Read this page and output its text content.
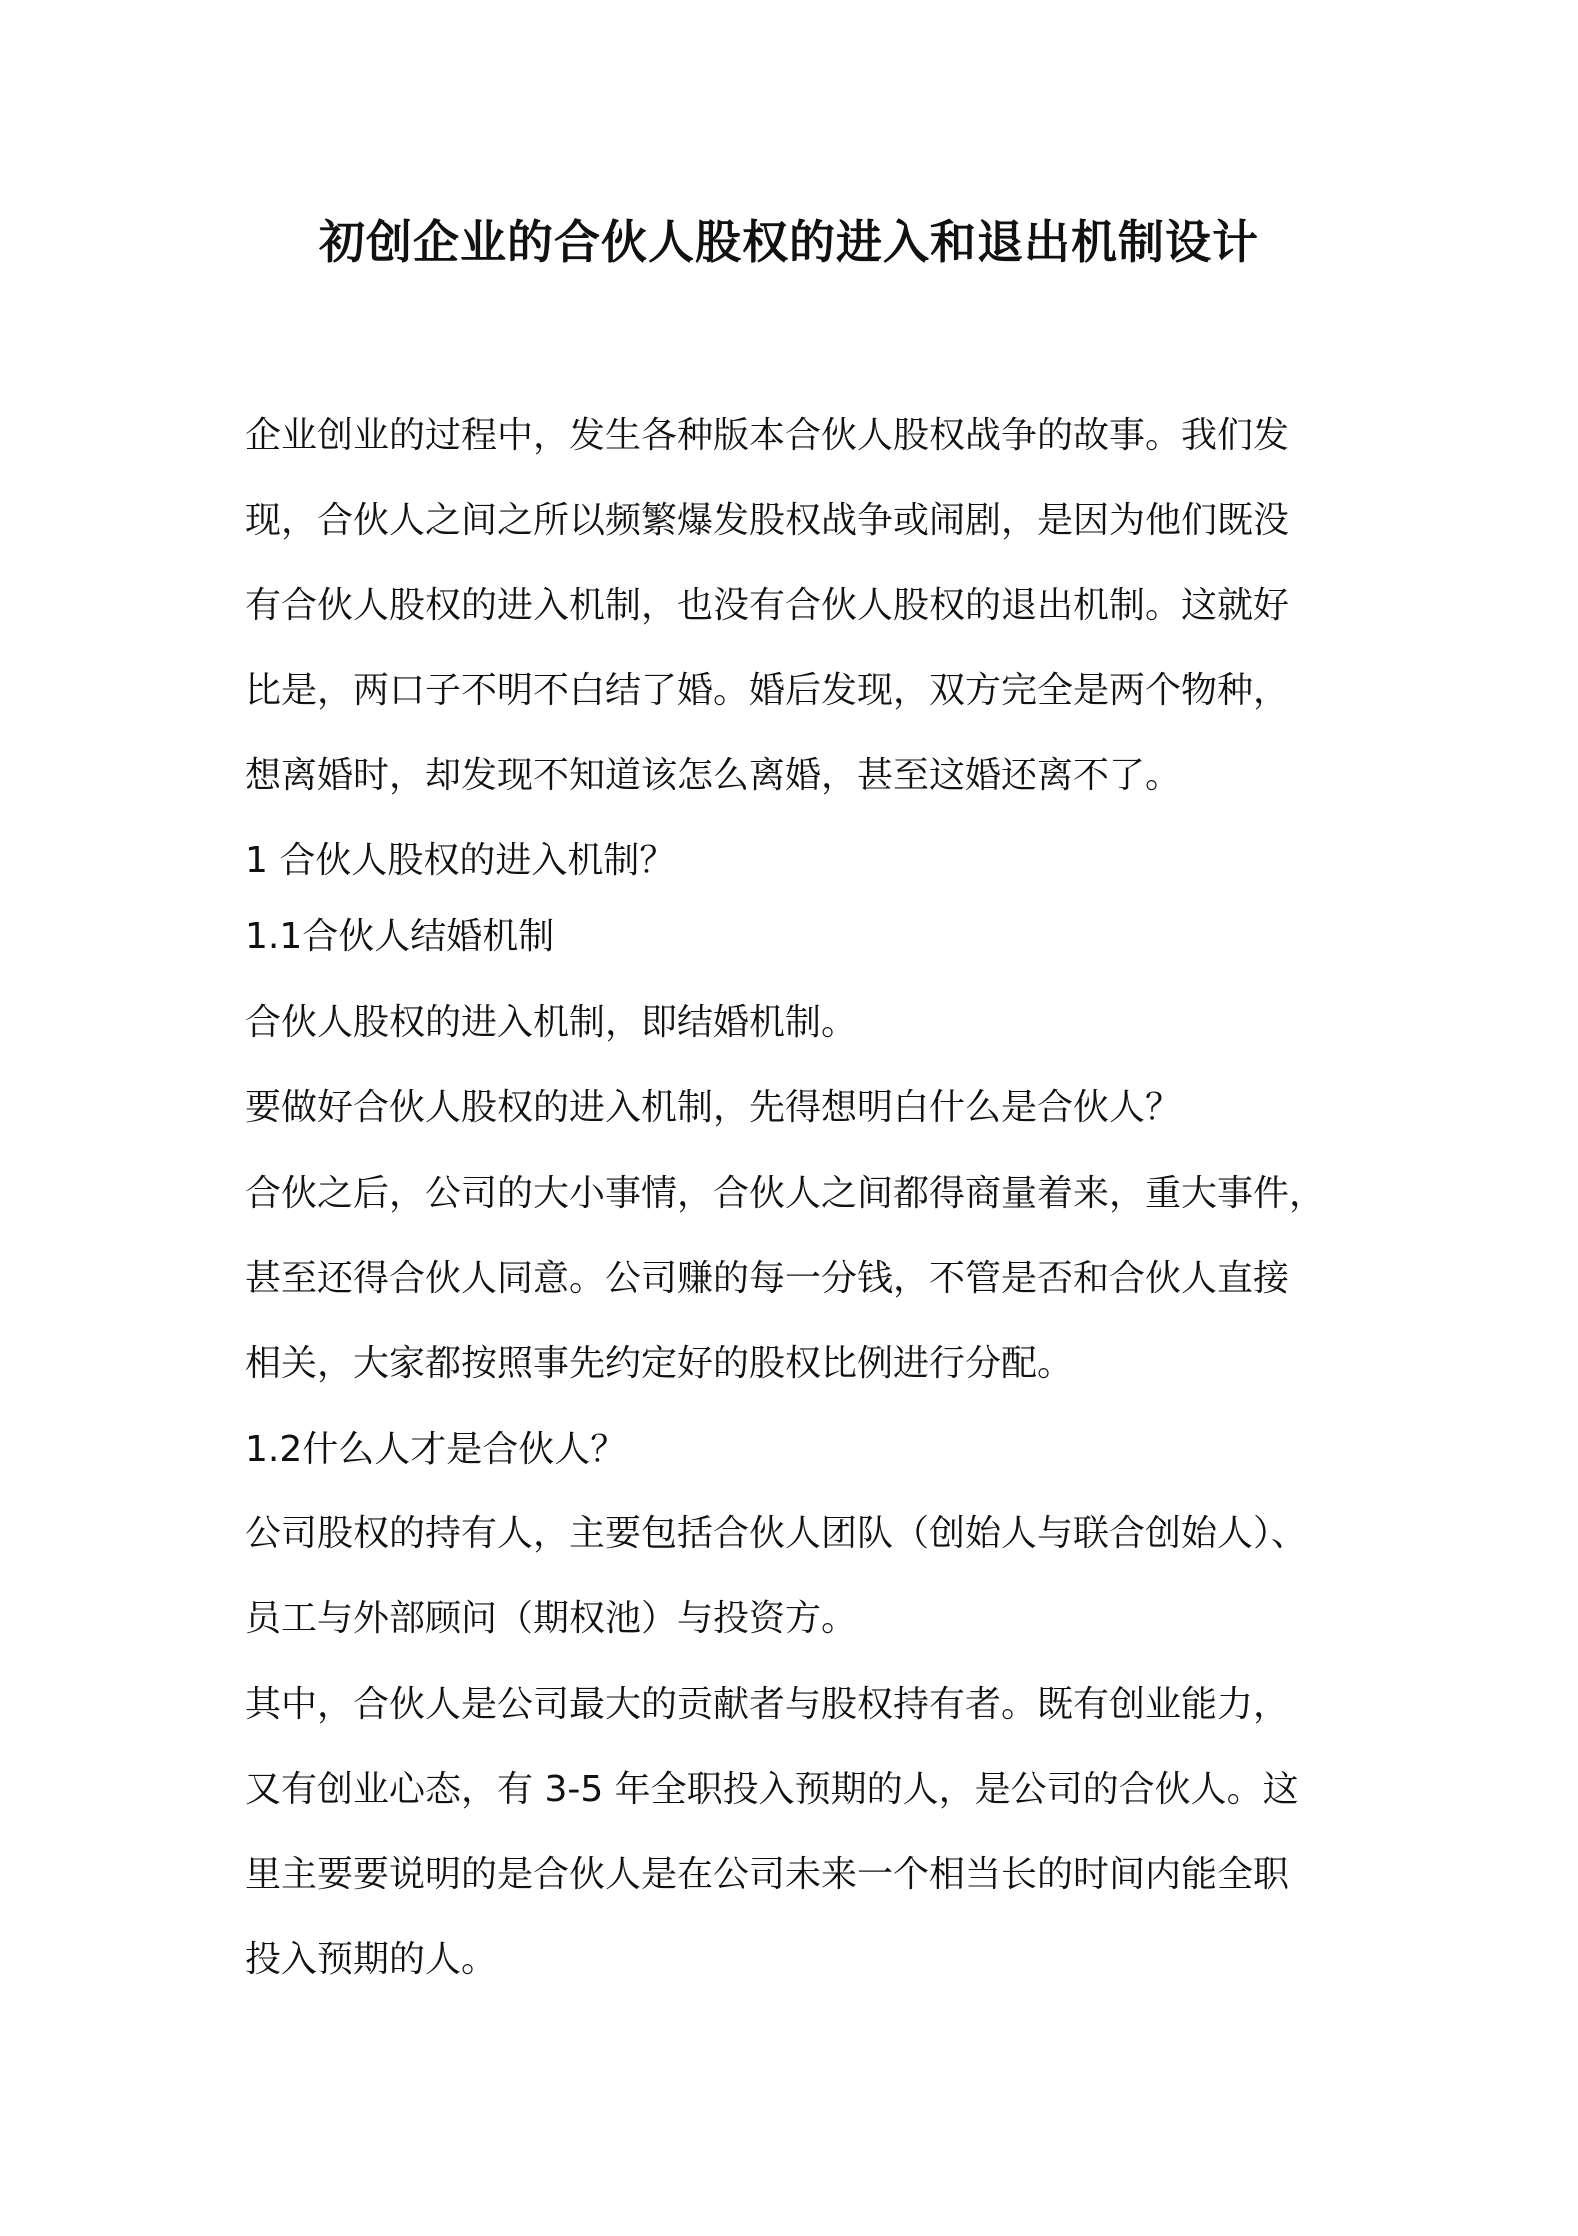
初创企业的合伙人股权的进入和退出机制设计

企业创业的过程中，发生各种版本合伙人股权战争的故事。我们发

现，合伙人之间之所以频繁爆发股权战争或闹剧，是因为他们既没

有合伙人股权的进入机制，也没有合伙人股权的退出机制。这就好

比是，两口子不明不白结了婚。婚后发现，双方完全是两个物种，

想离婚时，却发现不知道该怎么离婚，甚至这婚还离不了。

1 合伙人股权的进入机制？

1.1合伙人结婚机制

合伙人股权的进入机制，即结婚机制。

要做好合伙人股权的进入机制，先得想明白什么是合伙人？

合伙之后，公司的大小事情，合伙人之间都得商量着来，重大事件，

甚至还得合伙人同意。公司赚的每一分钱，不管是否和合伙人直接

相关，大家都按照事先约定好的股权比例进行分配。

1.2什么人才是合伙人？

公司股权的持有人，主要包括合伙人团队（创始人与联合创始人）、

员工与外部顾问（期权池）与投资方。

其中，合伙人是公司最大的贡献者与股权持有者。既有创业能力，

又有创业心态，有 3-5 年全职投入预期的人，是公司的合伙人。这

里主要要说明的是合伙人是在公司未来一个相当长的时间内能全职

投入预期的人。
